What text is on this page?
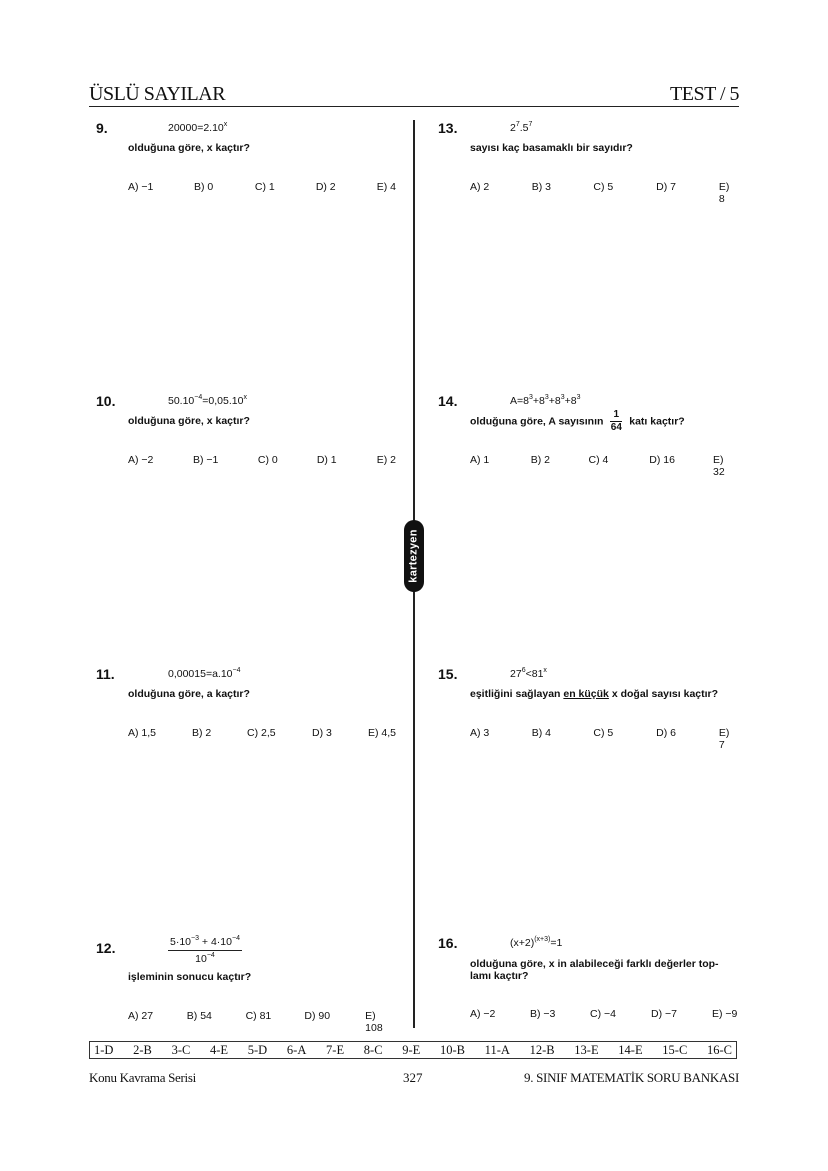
ÜSLÜ SAYILAR	TEST / 5
kartezyen
9.	$20000=2.10^x$
olduğuna göre, x kaçtır?
A) −1	B) 0	C) 1	D) 2	E) 4
10.	$50.10^{-4}=0,05.10^x$
olduğuna göre, x kaçtır?
A) −2	B) −1	C) 0	D) 1	E) 2
11.	$0,00015=a.10^{-4}$
olduğuna göre, a kaçtır?
A) 1,5	B) 2	C) 2,5	D) 3	E) 4,5
12.	$\frac{5\cdot 10^{-3} + 4\cdot 10^{-4}}{10^{-4}}$
işleminin sonucu kaçtır?
A) 27	B) 54	C) 81	D) 90	E) 108
13.	$2^7.5^7$
sayısı kaç basamaklı bir sayıdır?
A) 2	B) 3	C) 5	D) 7	E) 8
14.	$A=8^3+8^3+8^3+8^3$
olduğuna göre, A sayısının $\frac{1}{64}$ katı kaçtır?
A) 1	B) 2	C) 4	D) 16	E) 32
15.	$27^6<81^x$
eşitliğini sağlayan en küçük x doğal sayısı kaçtır?
A) 3	B) 4	C) 5	D) 6	E) 7
16.	$(x+2)^{(x+3)}=1$
olduğuna göre, x in alabileceği farklı değerler top-
lamı kaçtır?
A) −2	B) −3	C) −4	D) −7	E) −9
1-D 2-B 3-C 4-E 5-D 6-A 7-E 8-C 9-E 10-B 11-A 12-B 13-E 14-E 15-C 16-C
Konu Kavrama Serisi	327	9. SINIF MATEMATİK SORU BANKASI
